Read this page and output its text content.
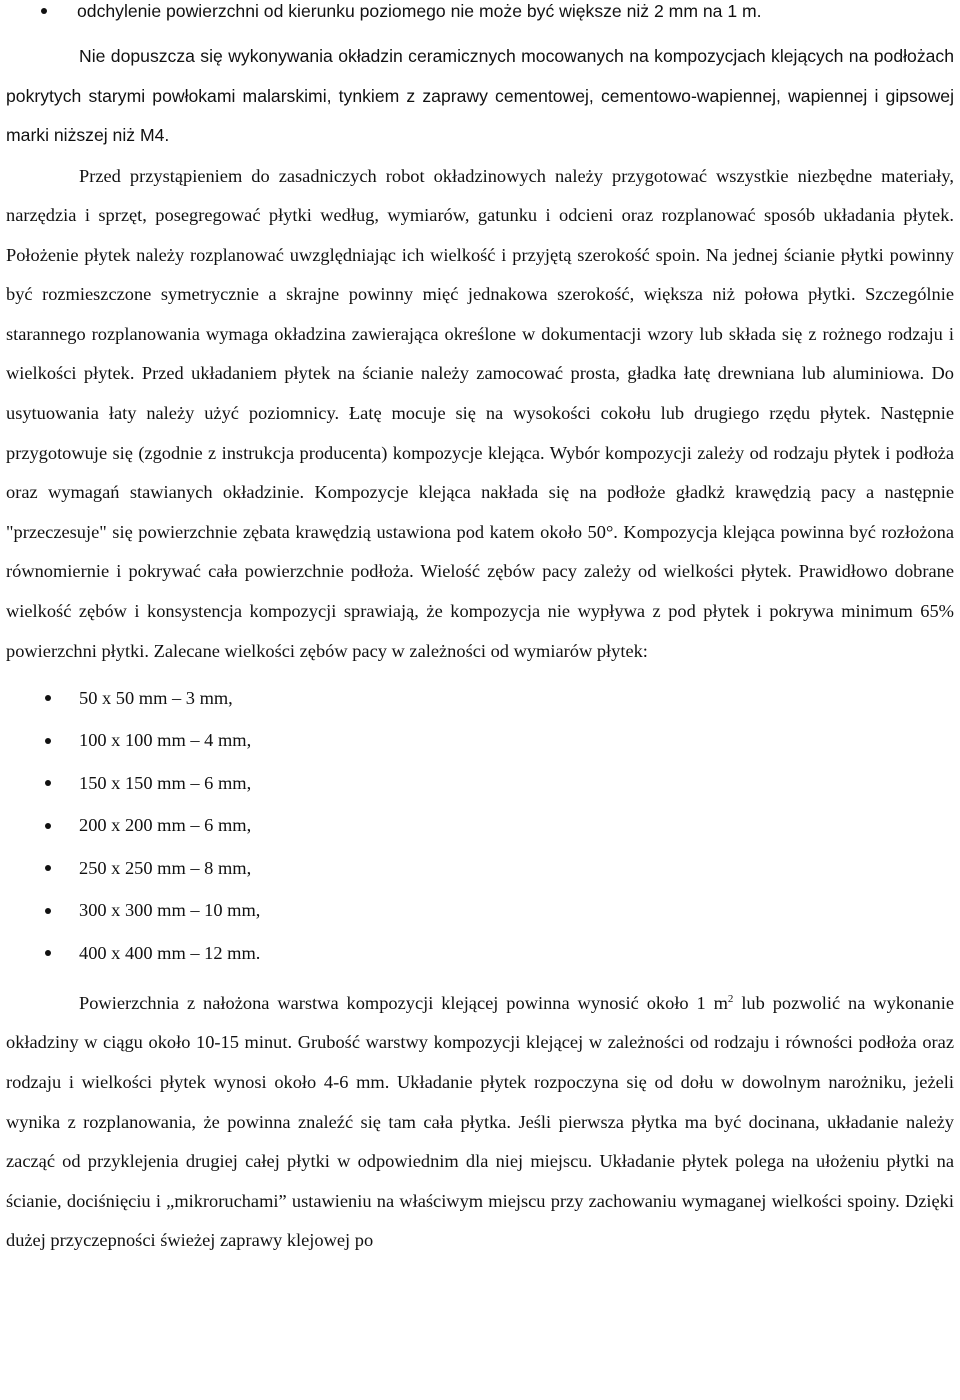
odchylenie powierzchni od kierunku poziomego nie może być większe niż 2 mm na 1 m.

Nie dopuszcza się wykonywania okładzin ceramicznych mocowanych na kompozycjach klejących na podłożach pokrytych starymi powłokami malarskimi, tynkiem z zaprawy cementowej, cementowo-wapiennej, wapiennej i gipsowej marki niższej niż M4.

Przed przystąpieniem do zasadniczych robot okładzinowych należy przygotować wszystkie niezbędne materiały, narzędzia i sprzęt, posegregować płytki według, wymiarów, gatunku i odcieni oraz rozplanować sposób układania płytek. Położenie płytek należy rozplanować uwzględniając ich wielkość i przyjętą szerokość spoin. Na jednej ścianie płytki powinny być rozmieszczone symetrycznie a skrajne powinny mięć jednakowa szerokość, większa niż połowa płytki. Szczególnie starannego rozplanowania wymaga okładzina zawierająca określone w dokumentacji wzory lub składa się z rożnego rodzaju i wielkości płytek. Przed układaniem płytek na ścianie należy zamocować prosta, gładka łatę drewniana lub aluminiowa. Do usytuowania łaty należy użyć poziomnicy. Łatę mocuje się na wysokości cokołu lub drugiego rzędu płytek. Następnie przygotowuje się (zgodnie z instrukcja producenta) kompozycje klejąca. Wybór kompozycji zależy od rodzaju płytek i podłoża oraz wymagań stawianych okładzinie. Kompozycje klejąca nakłada się na podłoże gładkż krawędzią pacy a następnie "przeczesuje" się powierzchnie zębata krawędzią ustawiona pod katem około 50°. Kompozycja klejąca powinna być rozłożona równomiernie i pokrywać cała powierzchnie podłoża. Wielość zębów pacy zależy od wielkości płytek. Prawidłowo dobrane wielkość zębów i konsystencja kompozycji sprawiają, że kompozycja nie wypływa z pod płytek i pokrywa minimum 65% powierzchni płytki. Zalecane wielkości zębów pacy w zależności od wymiarów płytek:

50 x 50 mm – 3 mm,
100 x 100 mm – 4 mm,
150 x 150 mm – 6 mm,
200 x 200 mm – 6 mm,
250 x 250 mm – 8 mm,
300 x 300 mm – 10 mm,
400 x 400 mm – 12 mm.

Powierzchnia z nałożona warstwa kompozycji klejącej powinna wynosić około 1 $m^2$ lub pozwolić na wykonanie okładziny w ciągu około 10-15 minut. Grubość warstwy kompozycji klejącej w zależności od rodzaju i równości podłoża oraz rodzaju i wielkości płytek wynosi około 4-6 mm. Układanie płytek rozpoczyna się od dołu w dowolnym narożniku, jeżeli wynika z rozplanowania, że powinna znaleźć się tam cała płytka. Jeśli pierwsza płytka ma być docinana, układanie należy zacząć od przyklejenia drugiej całej płytki w odpowiednim dla niej miejscu. Układanie płytek polega na ułożeniu płytki na ścianie, dociśnięciu i „mikroruchami” ustawieniu na właściwym miejscu przy zachowaniu wymaganej wielkości spoiny. Dzięki dużej przyczepności świeżej zaprawy klejowej po
